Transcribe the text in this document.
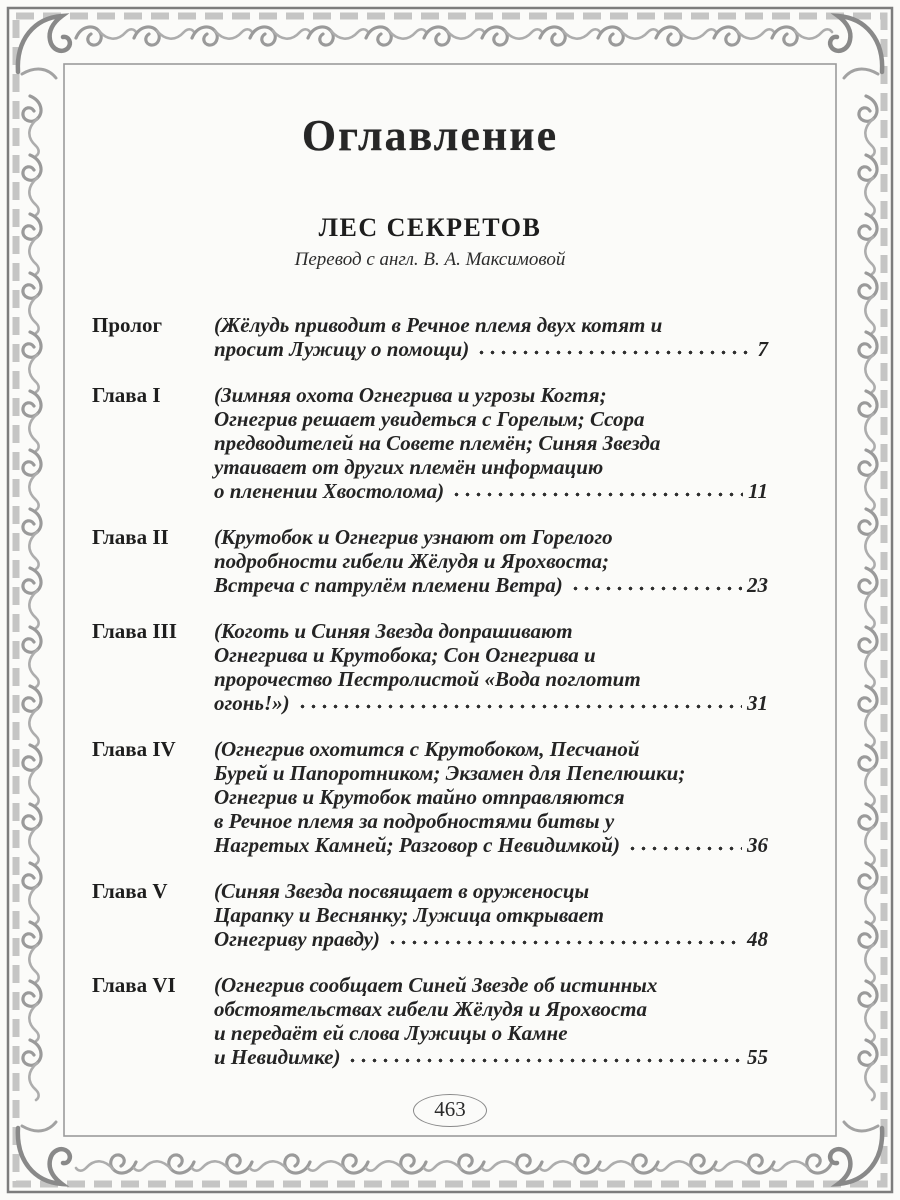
Оглавление
ЛЕС СЕКРЕТОВ
Перевод с англ. В. А. Максимовой
Пролог	(Жёлудь приводит в Речное племя двух котят и
просит Лужицу о помощи)	7
Глава I	(Зимняя охота Огнегрива и угрозы Когтя;
Огнегрив решает увидеться с Горелым; Ссора
предводителей на Совете племён; Синяя Звезда
утаивает от других племён информацию
о пленении Хвостолома)	11
Глава II	(Крутобок и Огнегрив узнают от Горелого
подробности гибели Жёлудя и Ярохвоста;
Встреча с патрулём племени Ветра)	23
Глава III	(Коготь и Синяя Звезда допрашивают
Огнегрива и Крутобока; Сон Огнегрива и
пророчество Пестролистой «Вода поглотит
огонь!»)	31
Глава IV	(Огнегрив охотится с Крутобоком, Песчаной
Бурей и Папоротником; Экзамен для Пепелюшки;
Огнегрив и Крутобок тайно отправляются
в Речное племя за подробностями битвы у
Нагретых Камней; Разговор с Невидимкой)	36
Глава V	(Синяя Звезда посвящает в оруженосцы
Царапку и Веснянку; Лужица открывает
Огнегриву правду)	48
Глава VI	(Огнегрив сообщает Синей Звезде об истинных
обстоятельствах гибели Жёлудя и Ярохвоста
и передаёт ей слова Лужицы о Камне
и Невидимке)	55
463
